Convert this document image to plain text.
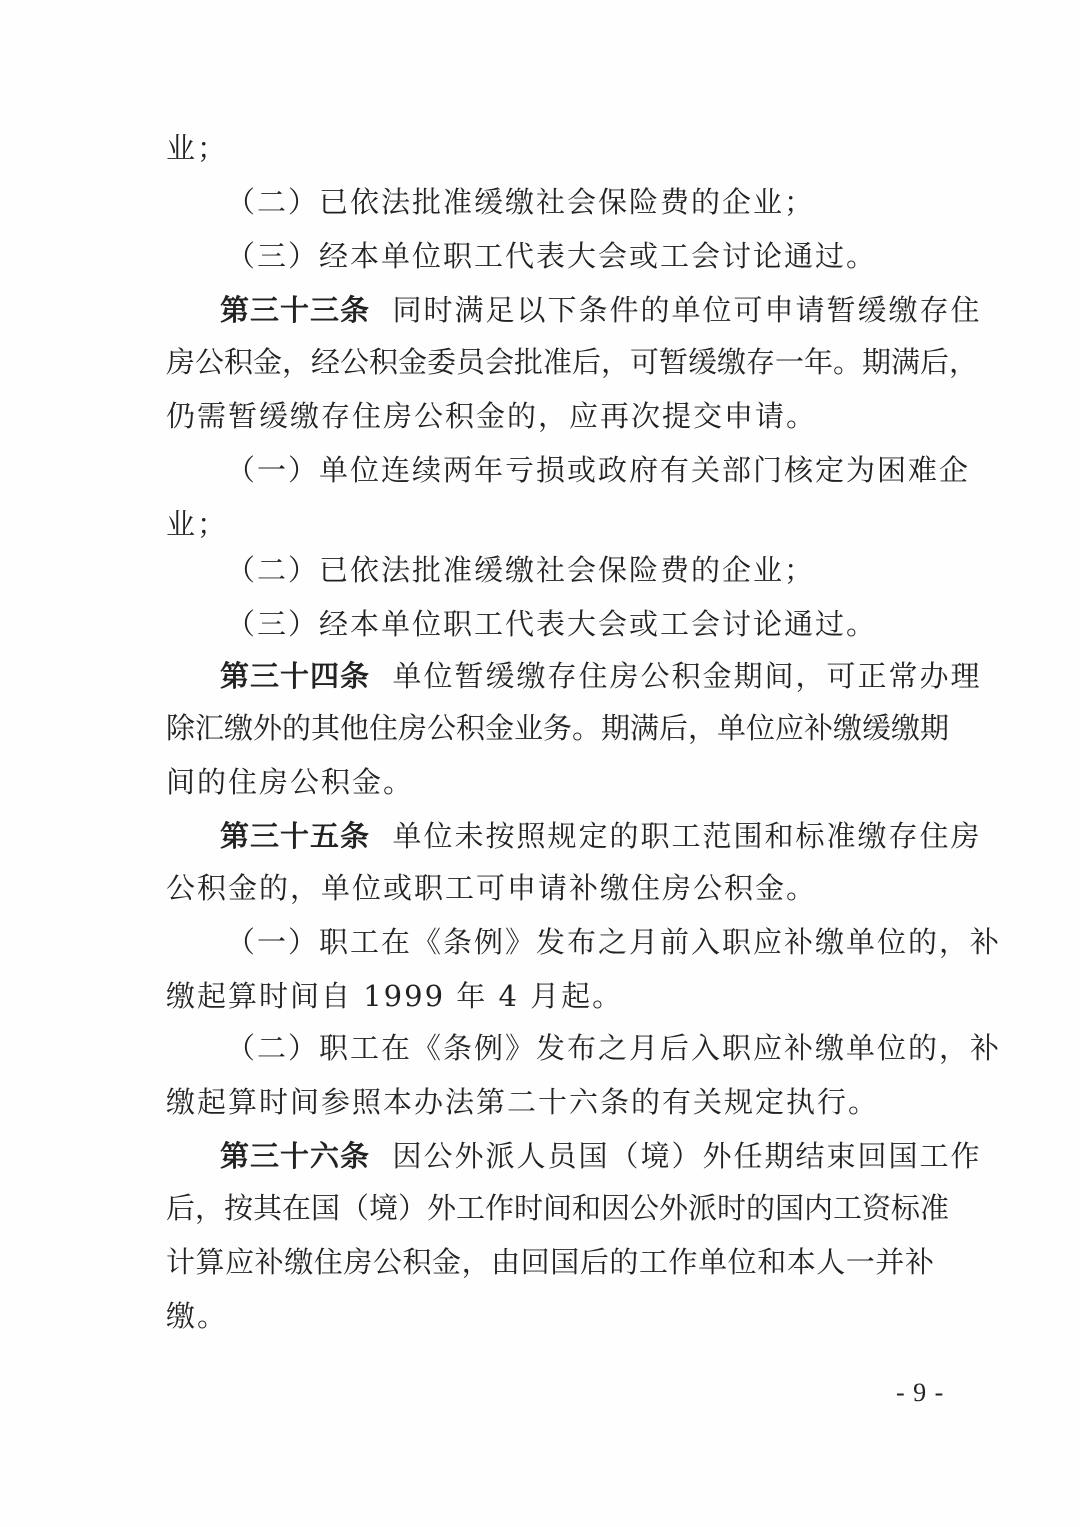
业；
（二）已依法批准缓缴社会保险费的企业；
（三）经本单位职工代表大会或工会讨论通过。
第三十三条 同时满足以下条件的单位可申请暂缓缴存住
房公积金，经公积金委员会批准后，可暂缓缴存一年。期满后，
仍需暂缓缴存住房公积金的，应再次提交申请。
（一）单位连续两年亏损或政府有关部门核定为困难企
业；
（二）已依法批准缓缴社会保险费的企业；
（三）经本单位职工代表大会或工会讨论通过。
第三十四条 单位暂缓缴存住房公积金期间，可正常办理
除汇缴外的其他住房公积金业务。期满后，单位应补缴缓缴期
间的住房公积金。
第三十五条 单位未按照规定的职工范围和标准缴存住房
公积金的，单位或职工可申请补缴住房公积金。
（一）职工在《条例》发布之月前入职应补缴单位的，补
缴起算时间自 1999 年 4 月起。
（二）职工在《条例》发布之月后入职应补缴单位的，补
缴起算时间参照本办法第二十六条的有关规定执行。
第三十六条 因公外派人员国（境）外任期结束回国工作
后，按其在国（境）外工作时间和因公外派时的国内工资标准
计算应补缴住房公积金，由回国后的工作单位和本人一并补
缴。
- 9 -
